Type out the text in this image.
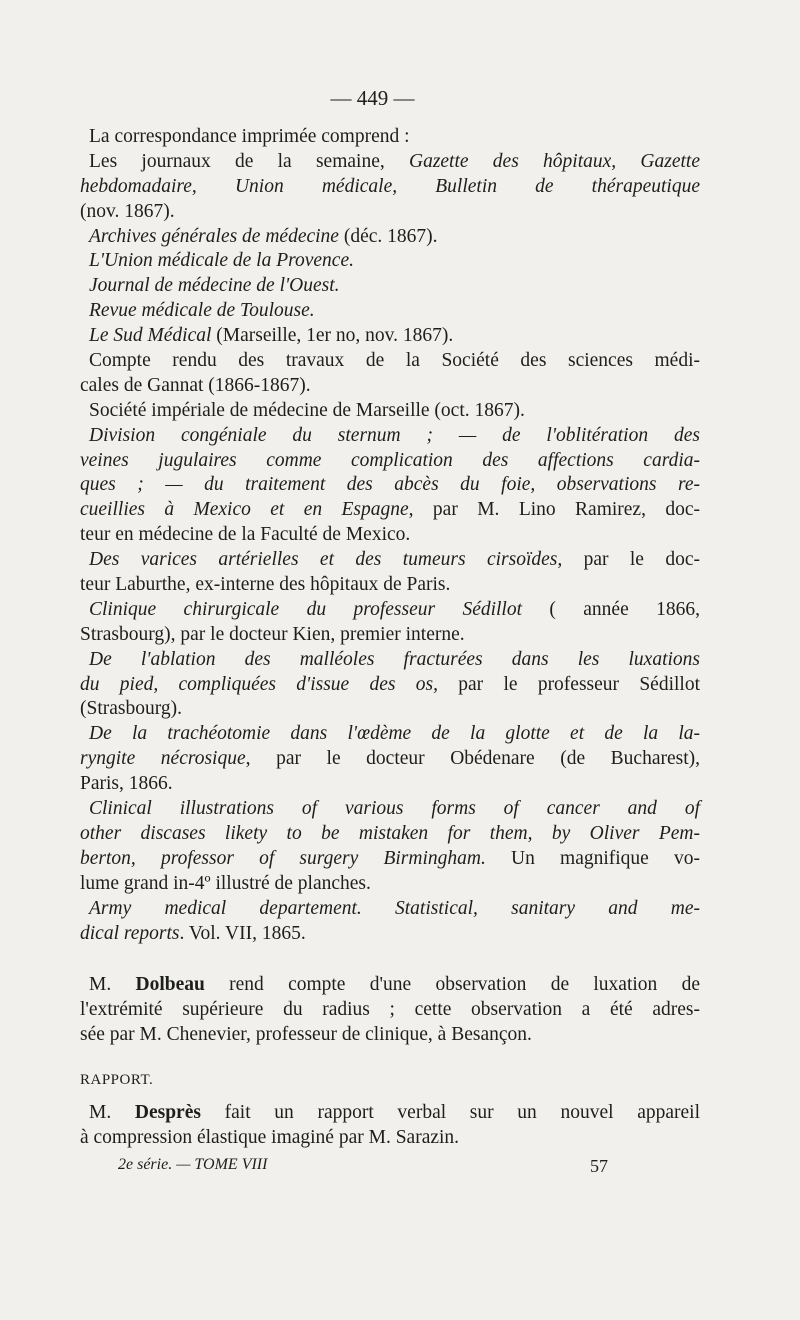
— 449 —
La correspondance imprimée comprend :
Les journaux de la semaine, Gazette des hôpitaux, Gazette
hebdomadaire, Union médicale, Bulletin de thérapeutique
(nov. 1867).
Archives générales de médecine (déc. 1867).
L'Union médicale de la Provence.
Journal de médecine de l'Ouest.
Revue médicale de Toulouse.
Le Sud Médical (Marseille, 1er no, nov. 1867).
Compte rendu des travaux de la Société des sciences médi-
cales de Gannat (1866-1867).
Société impériale de médecine de Marseille (oct. 1867).
Division congéniale du sternum ; — de l'oblitération des
veines jugulaires comme complication des affections cardia-
ques ; — du traitement des abcès du foie, observations re-
cueillies à Mexico et en Espagne, par M. Lino Ramirez, doc-
teur en médecine de la Faculté de Mexico.
Des varices artérielles et des tumeurs cirsoïdes, par le doc-
teur Laburthe, ex-interne des hôpitaux de Paris.
Clinique chirurgicale du professeur Sédillot ( année 1866,
Strasbourg), par le docteur Kien, premier interne.
De l'ablation des malléoles fracturées dans les luxations
du pied, compliquées d'issue des os, par le professeur Sédillot
(Strasbourg).
De la trachéotomie dans l'œdème de la glotte et de la la-
ryngite nécrosique, par le docteur Obédenare (de Bucharest),
Paris, 1866.
Clinical illustrations of various forms of cancer and of
other discases likety to be mistaken for them, by Oliver Pem-
berton, professor of surgery Birmingham. Un magnifique vo-
lume grand in-4º illustré de planches.
Army medical departement. Statistical, sanitary and me-
dical reports. Vol. VII, 1865.
M. Dolbeau rend compte d'une observation de luxation de
l'extrémité supérieure du radius ; cette observation a été adres-
sée par M. Chenevier, professeur de clinique, à Besançon.
RAPPORT.
M. Desprès fait un rapport verbal sur un nouvel appareil
à compression élastique imaginé par M. Sarazin.
2e série. — TOME VIII	57
